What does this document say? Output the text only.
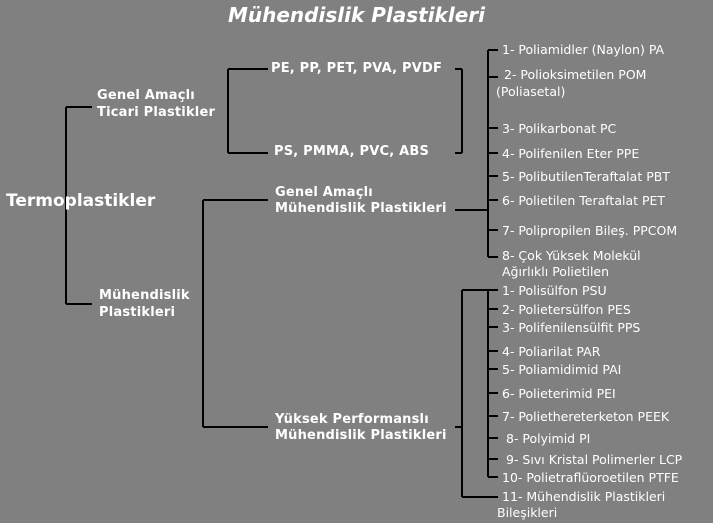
Mühendislik Plastikleri
Termoplastikler
Genel Amaçlı
Ticari Plastikler
Mühendislik
Plastikleri
PE, PP, PET, PVA, PVDF
PS, PMMA, PVC, ABS
Genel Amaçlı
Mühendislik Plastikleri
Yüksek Performanslı
Mühendislik Plastikleri
1- Poliamidler (Naylon) PA
2- Polioksimetilen POM
(Poliasetal)
3- Polikarbonat PC
4- Polifenilen Eter PPE
5- PolibutilenTeraftalat PBT
6- Polietilen Teraftalat PET
7- Polipropilen Bileş. PPCOM
8- Çok Yüksek Molekül
Ağırlıklı Polietilen
1- Polisülfon PSU
2- Polietersülfon PES
3- Polifenilensülfit PPS
4- Poliarilat PAR
5- Poliamidimid PAI
6- Polieterimid PEI
7- Poliethereterketon PEEK
8- Polyimid PI
9- Sıvı Kristal Polimerler LCP
10- Polietraflüoroetilen PTFE
11- Mühendislik Plastikleri
Bileşikleri
